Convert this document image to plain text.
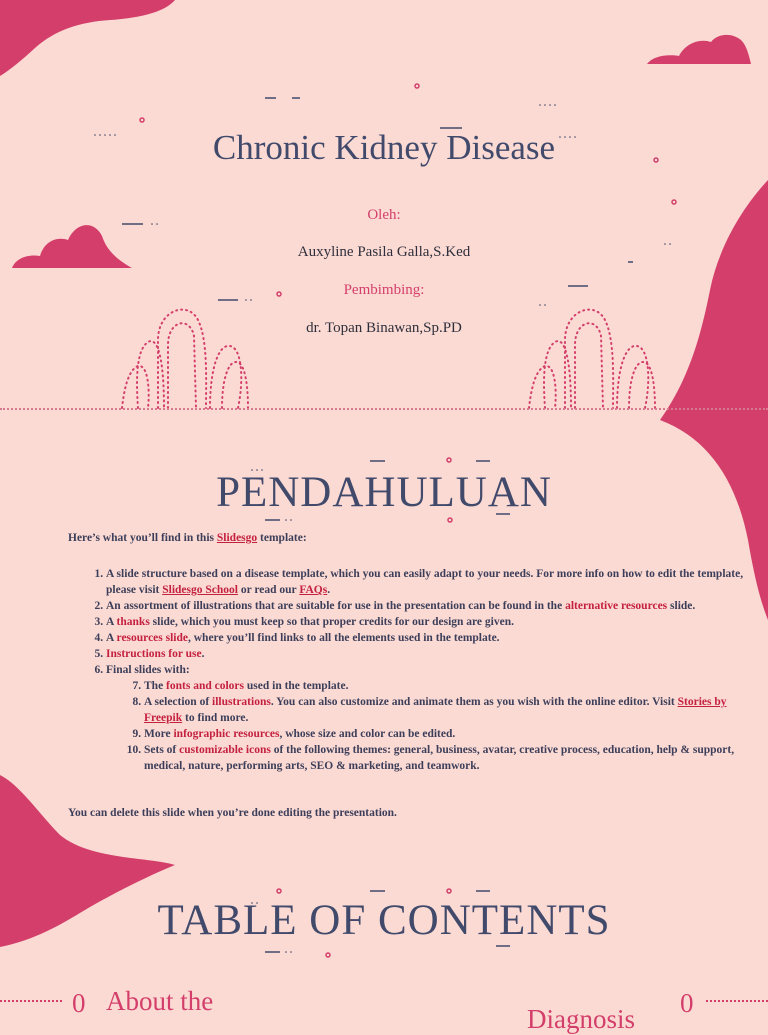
Chronic Kidney Disease
Oleh:
Auxyline Pasila Galla,S.Ked
Pembimbing:
dr. Topan Binawan,Sp.PD
PENDAHULUAN
Here’s what you’ll find in this Slidesgo template:
1. A slide structure based on a disease template, which you can easily adapt to your needs. For more info on how to edit the template, please visit Slidesgo School or read our FAQs.
2. An assortment of illustrations that are suitable for use in the presentation can be found in the alternative resources slide.
3. A thanks slide, which you must keep so that proper credits for our design are given.
4. A resources slide, where you’ll find links to all the elements used in the template.
5. Instructions for use.
6. Final slides with:
7. The fonts and colors used in the template.
8. A selection of illustrations. You can also customize and animate them as you wish with the online editor. Visit Stories by Freepik to find more.
9. More infographic resources, whose size and color can be edited.
10. Sets of customizable icons of the following themes: general, business, avatar, creative process, education, help & support, medical, nature, performing arts, SEO & marketing, and teamwork.
You can delete this slide when you’re done editing the presentation.
TABLE OF CONTENTS
0 About the
Diagnosis
0
